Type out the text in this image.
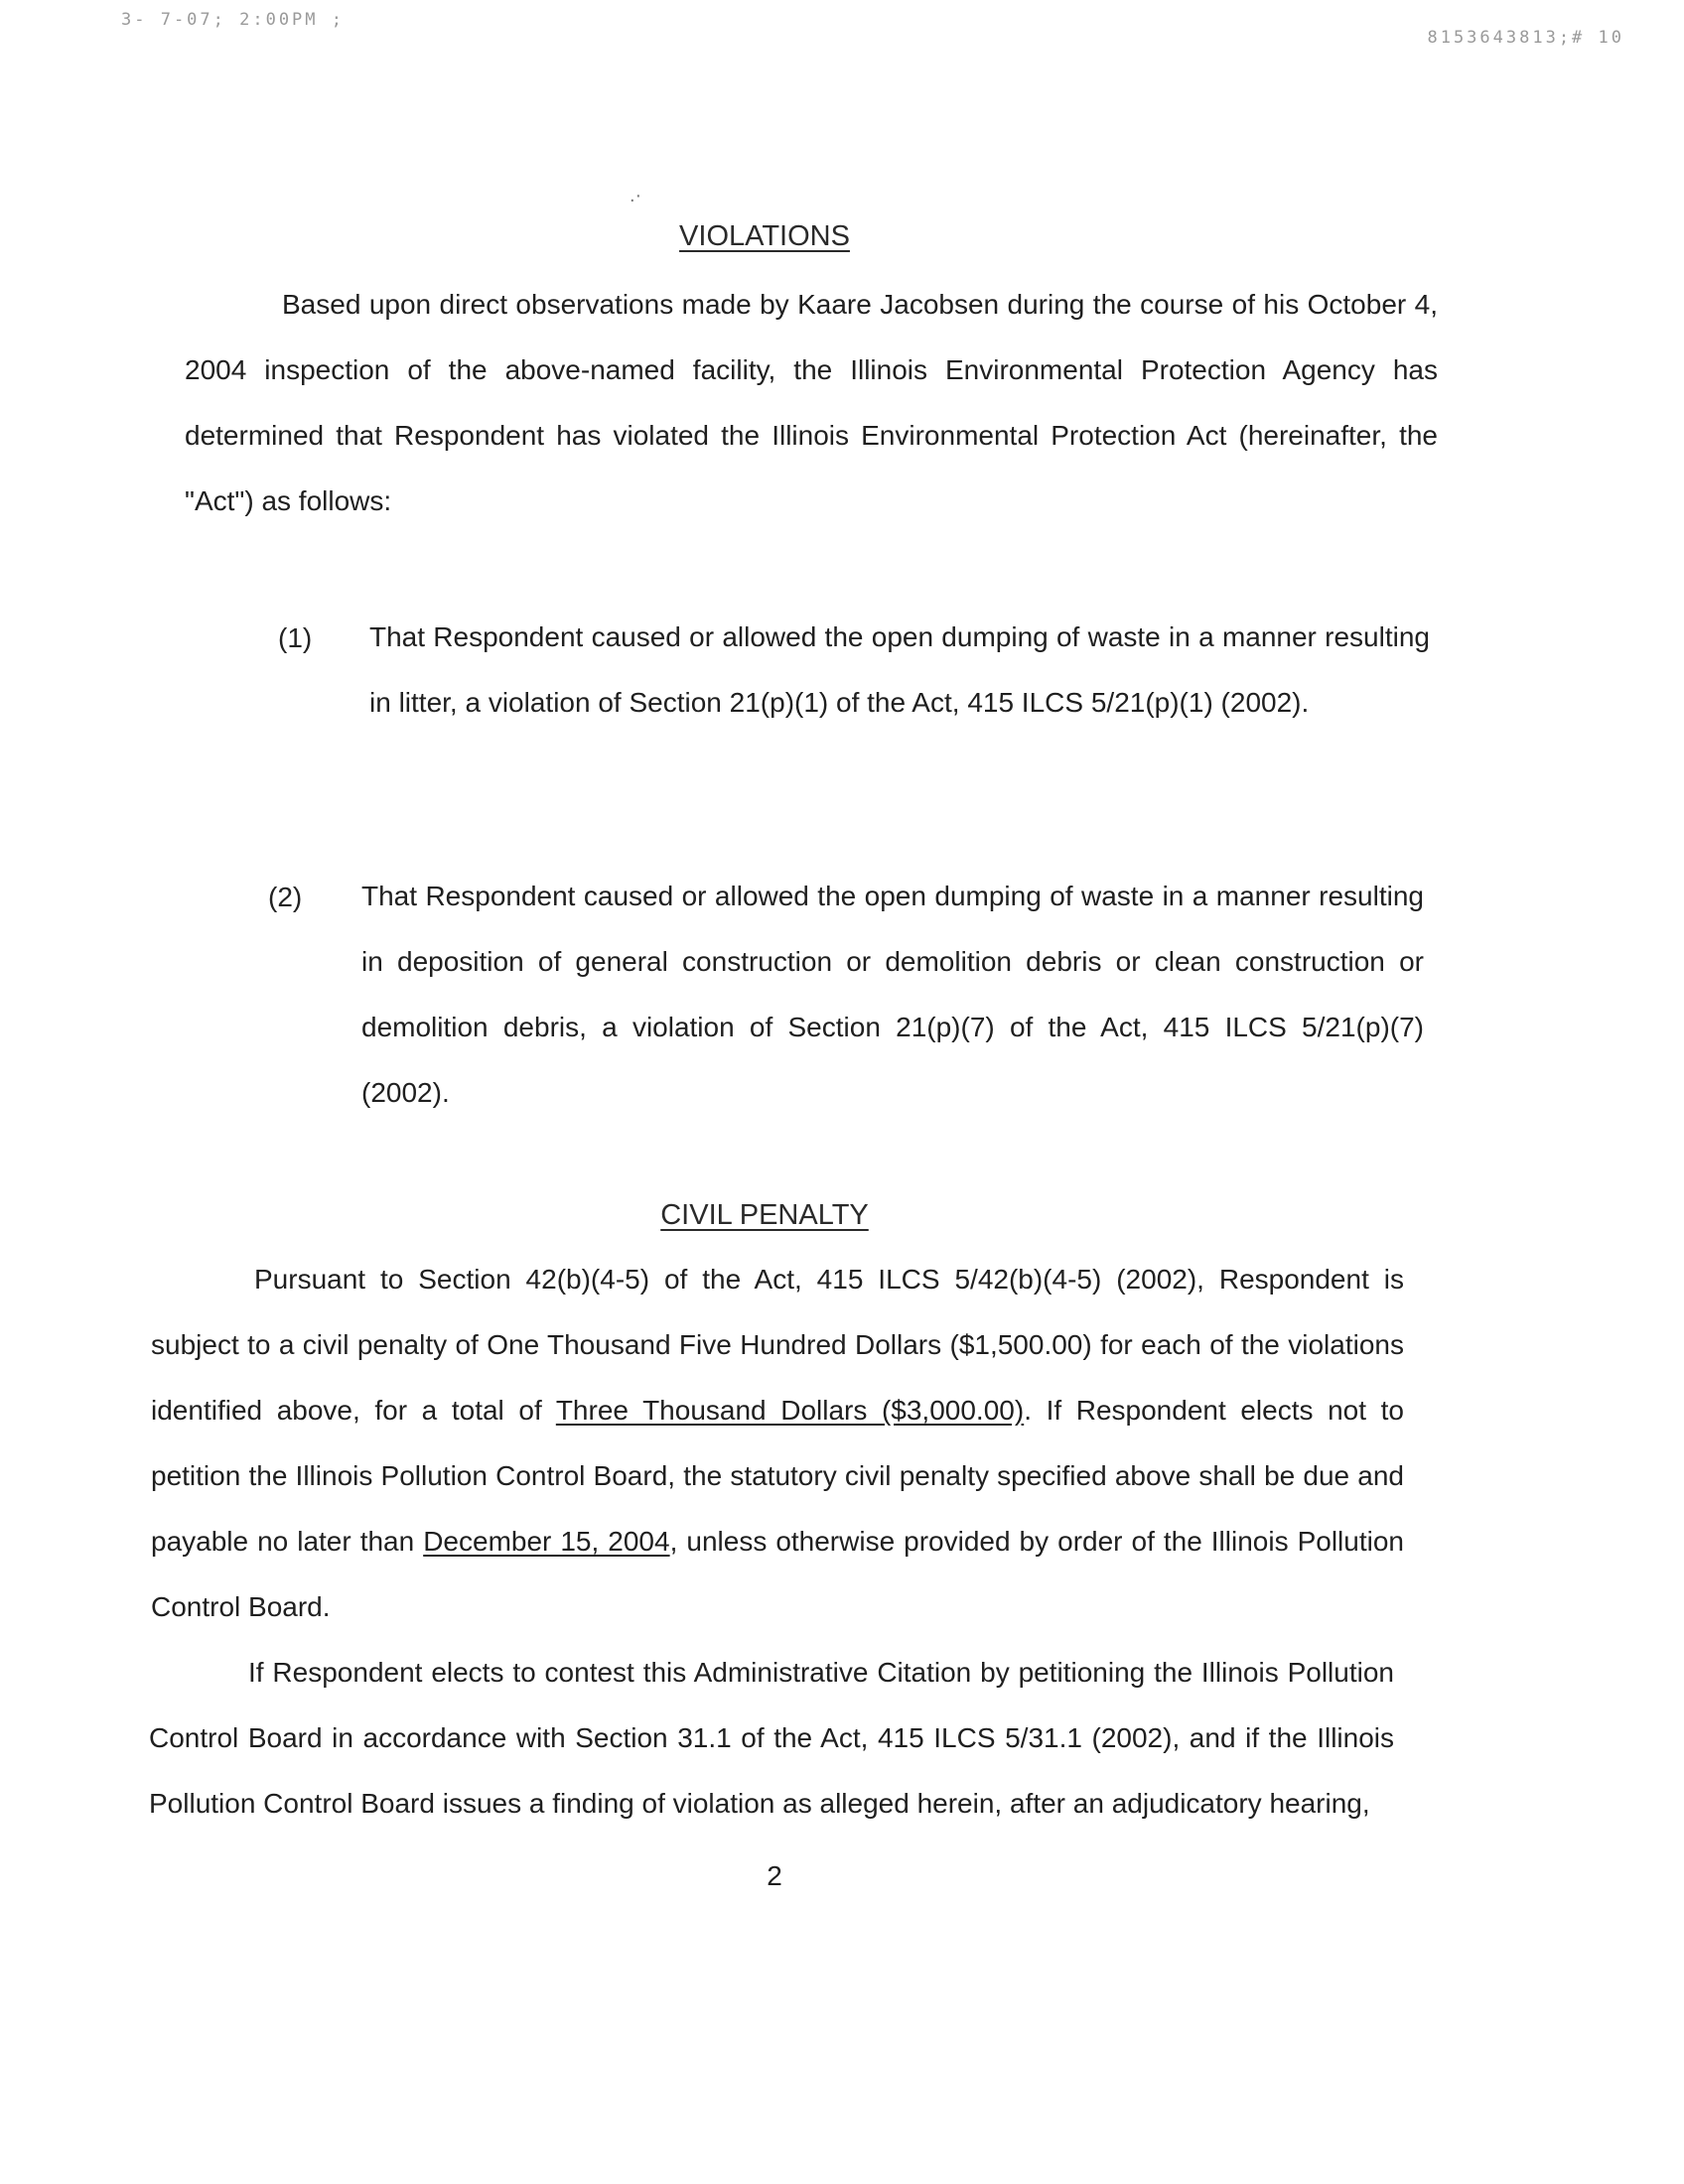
3- 7-07; 2:00PM ;
8153643813;# 10
.·
VIOLATIONS
Based upon direct observations made by Kaare Jacobsen during the course of his October 4, 2004 inspection of the above-named facility, the Illinois Environmental Protection Agency has determined that Respondent has violated the Illinois Environmental Protection Act (hereinafter, the "Act") as follows:
(1) That Respondent caused or allowed the open dumping of waste in a manner resulting in litter, a violation of Section 21(p)(1) of the Act, 415 ILCS 5/21(p)(1) (2002).
(2) That Respondent caused or allowed the open dumping of waste in a manner resulting in deposition of general construction or demolition debris or clean construction or demolition debris, a violation of Section 21(p)(7) of the Act, 415 ILCS 5/21(p)(7) (2002).
CIVIL PENALTY
Pursuant to Section 42(b)(4-5) of the Act, 415 ILCS 5/42(b)(4-5) (2002), Respondent is subject to a civil penalty of One Thousand Five Hundred Dollars ($1,500.00) for each of the violations identified above, for a total of Three Thousand Dollars ($3,000.00). If Respondent elects not to petition the Illinois Pollution Control Board, the statutory civil penalty specified above shall be due and payable no later than December 15, 2004, unless otherwise provided by order of the Illinois Pollution Control Board.
If Respondent elects to contest this Administrative Citation by petitioning the Illinois Pollution Control Board in accordance with Section 31.1 of the Act, 415 ILCS 5/31.1 (2002), and if the Illinois Pollution Control Board issues a finding of violation as alleged herein, after an adjudicatory hearing,
2
